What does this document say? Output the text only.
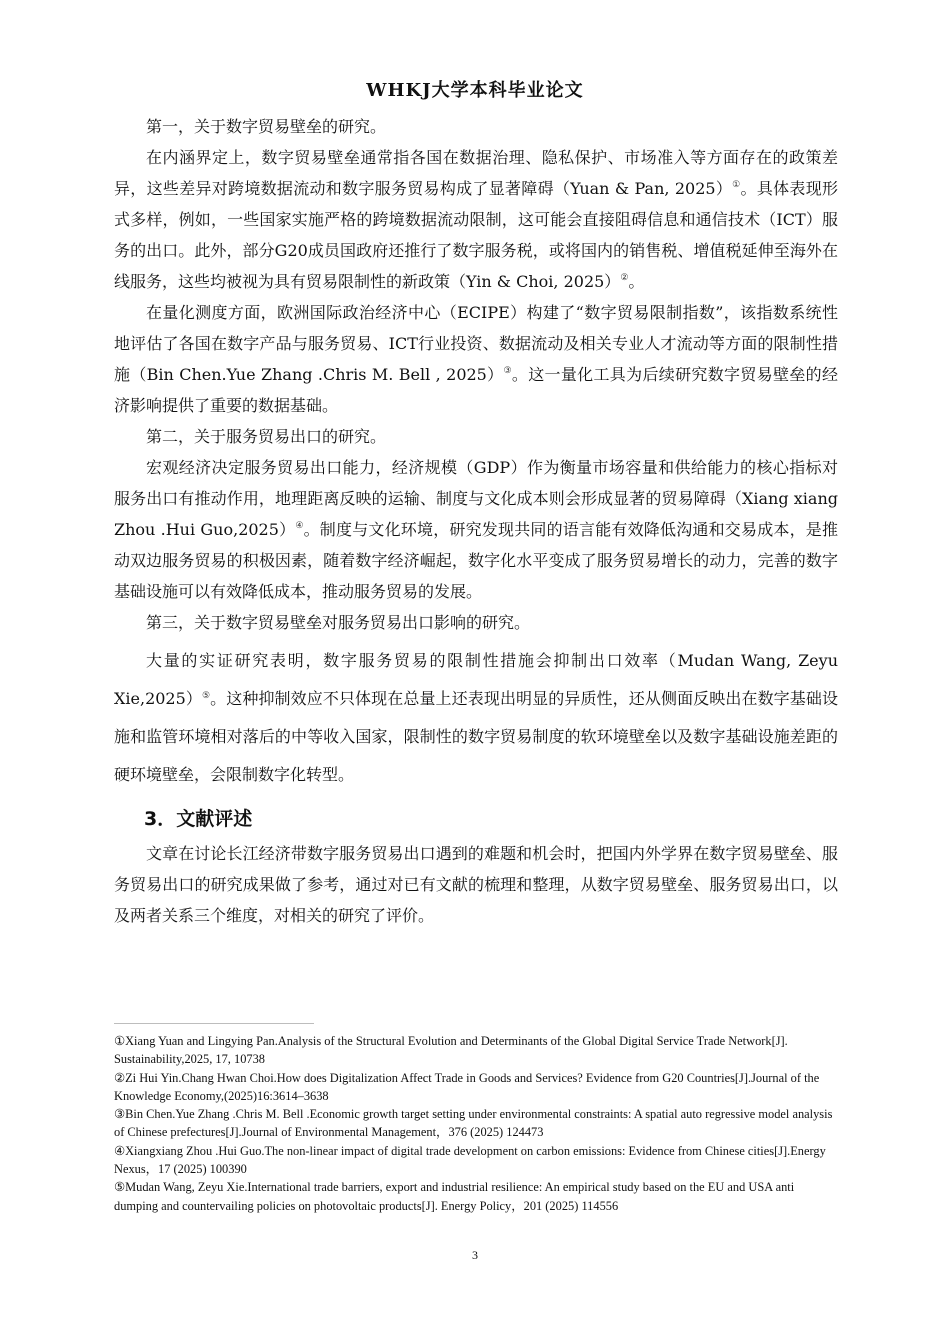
WHKJ大学本科毕业论文

第一，关于数字贸易壁垒的研究。

在内涵界定上，数字贸易壁垒通常指各国在数据治理、隐私保护、市场准入等方面存在的政策差异，这些差异对跨境数据流动和数字服务贸易构成了显著障碍（Yuan & Pan, 2025）①。具体表现形式多样，例如，一些国家实施严格的跨境数据流动限制，这可能会直接阻碍信息和通信技术（ICT）服务的出口。此外，部分G20成员国政府还推行了数字服务税，或将国内的销售税、增值税延伸至海外在线服务，这些均被视为具有贸易限制性的新政策（Yin & Choi, 2025）②。

在量化测度方面，欧洲国际政治经济中心（ECIPE）构建了“数字贸易限制指数”，该指数系统性地评估了各国在数字产品与服务贸易、ICT行业投资、数据流动及相关专业人才流动等方面的限制性措施（Bin Chen.Yue Zhang .Chris M. Bell , 2025）③。这一量化工具为后续研究数字贸易壁垒的经济影响提供了重要的数据基础。

第二，关于服务贸易出口的研究。

宏观经济决定服务贸易出口能力，经济规模（GDP）作为衡量市场容量和供给能力的核心指标对服务出口有推动作用，地理距离反映的运输、制度与文化成本则会形成显著的贸易障碍（Xiang xiang　Zhou .Hui Guo,2025）④。制度与文化环境，研究发现共同的语言能有效降低沟通和交易成本，是推动双边服务贸易的积极因素，随着数字经济崛起，数字化水平变成了服务贸易增长的动力，完善的数字基础设施可以有效降低成本，推动服务贸易的发展。

第三，关于数字贸易壁垒对服务贸易出口影响的研究。

大量的实证研究表明，数字服务贸易的限制性措施会抑制出口效率（Mudan Wang, Zeyu Xie,2025）⑤。这种抑制效应不只体现在总量上还表现出明显的异质性，还从侧面反映出在数字基础设施和监管环境相对落后的中等收入国家，限制性的数字贸易制度的软环境壁垒以及数字基础设施差距的硬环境壁垒，会限制数字化转型。

3．文献评述

文章在讨论长江经济带数字服务贸易出口遇到的难题和机会时，把国内外学界在数字贸易壁垒、服务贸易出口的研究成果做了参考，通过对已有文献的梳理和整理，从数字贸易壁垒、服务贸易出口，以及两者关系三个维度，对相关的研究了评价。

①Xiang Yuan and Lingying Pan.Analysis of the Structural Evolution and Determinants of the Global Digital Service Trade Network[J]. Sustainability,2025, 17, 10738

②Zi Hui Yin.Chang Hwan Choi.How does Digitalization Affect Trade in Goods and Services? Evidence from G20 Countries[J].Journal of the Knowledge Economy,(2025)16:3614–3638

③Bin Chen.Yue Zhang .Chris M. Bell .Economic growth target setting under environmental constraints: A spatial auto regressive model analysis of Chinese prefectures[J].Journal of Environmental Management，376 (2025) 124473

④Xiangxiang Zhou .Hui Guo.The non-linear impact of digital trade development on carbon emissions: Evidence from Chinese cities[J].Energy Nexus，17 (2025) 100390

⑤Mudan Wang, Zeyu Xie.International trade barriers, export and industrial resilience: An empirical study based on the EU and USA anti dumping and countervailing policies on photovoltaic products[J]. Energy Policy，201 (2025) 114556

3
